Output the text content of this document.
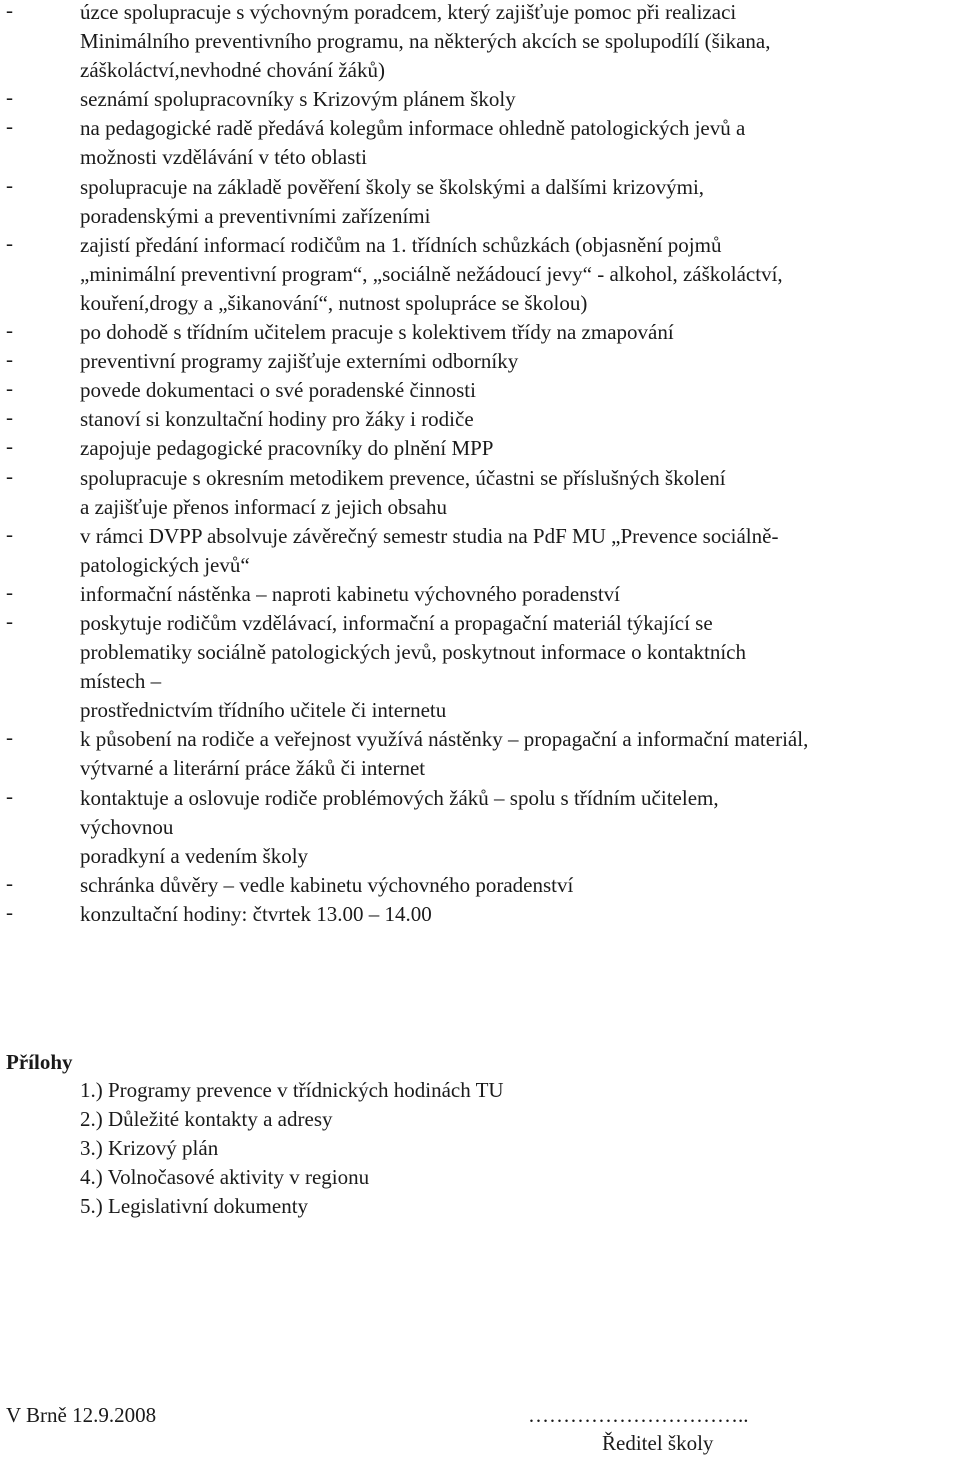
-	úzce spolupracuje s výchovným poradcem, který zajišťuje pomoc při realizaci
Minimálního preventivního programu, na některých akcích se spolupodílí (šikana,
záškoláctví,nevhodné chování žáků)
-	seznámí spolupracovníky s Krizovým plánem školy
-	na pedagogické radě předává kolegům informace ohledně patologických jevů a
možnosti vzdělávání v této oblasti
-	spolupracuje na základě pověření školy se školskými a dalšími krizovými,
poradenskými a preventivními zařízeními
-	zajistí předání informací rodičům na 1. třídních schůzkách (objasnění pojmů
„minimální preventivní program“, „sociálně nežádoucí jevy“ - alkohol, záškoláctví,
kouření,drogy a „šikanování“, nutnost spolupráce se školou)
-	po dohodě s třídním učitelem pracuje s kolektivem třídy na zmapování
-	preventivní programy zajišťuje externími odborníky
-	povede dokumentaci o své poradenské činnosti
-	stanoví si konzultační hodiny pro žáky i rodiče
-	zapojuje pedagogické pracovníky do plnění MPP
-	spolupracuje s okresním metodikem prevence, účastni se příslušných školení
a zajišťuje přenos informací z jejich obsahu
-	v rámci DVPP absolvuje závěrečný semestr studia na PdF MU „Prevence sociálně-
patologických jevů“
-	informační nástěnka – naproti kabinetu výchovného poradenství
-	poskytuje rodičům vzdělávací, informační a propagační materiál týkající se
problematiky sociálně patologických jevů, poskytnout informace o kontaktních
místech –
prostřednictvím třídního učitele či internetu
-	k působení na rodiče a veřejnost využívá nástěnky – propagační a informační materiál,
výtvarné a literární práce žáků či internet
-	kontaktuje a oslovuje rodiče problémových žáků – spolu s třídním učitelem,
výchovnou
poradkyní a vedením školy
-	schránka důvěry – vedle kabinetu výchovného poradenství
-	konzultační hodiny: čtvrtek 13.00 – 14.00
Přílohy
1.) Programy prevence v třídnických hodinách TU
2.) Důležité kontakty a adresy
3.) Krizový plán
4.) Volnočasové aktivity v regionu
5.) Legislativní dokumenty
V Brně 12.9.2008	…………………………..
Ředitel školy
